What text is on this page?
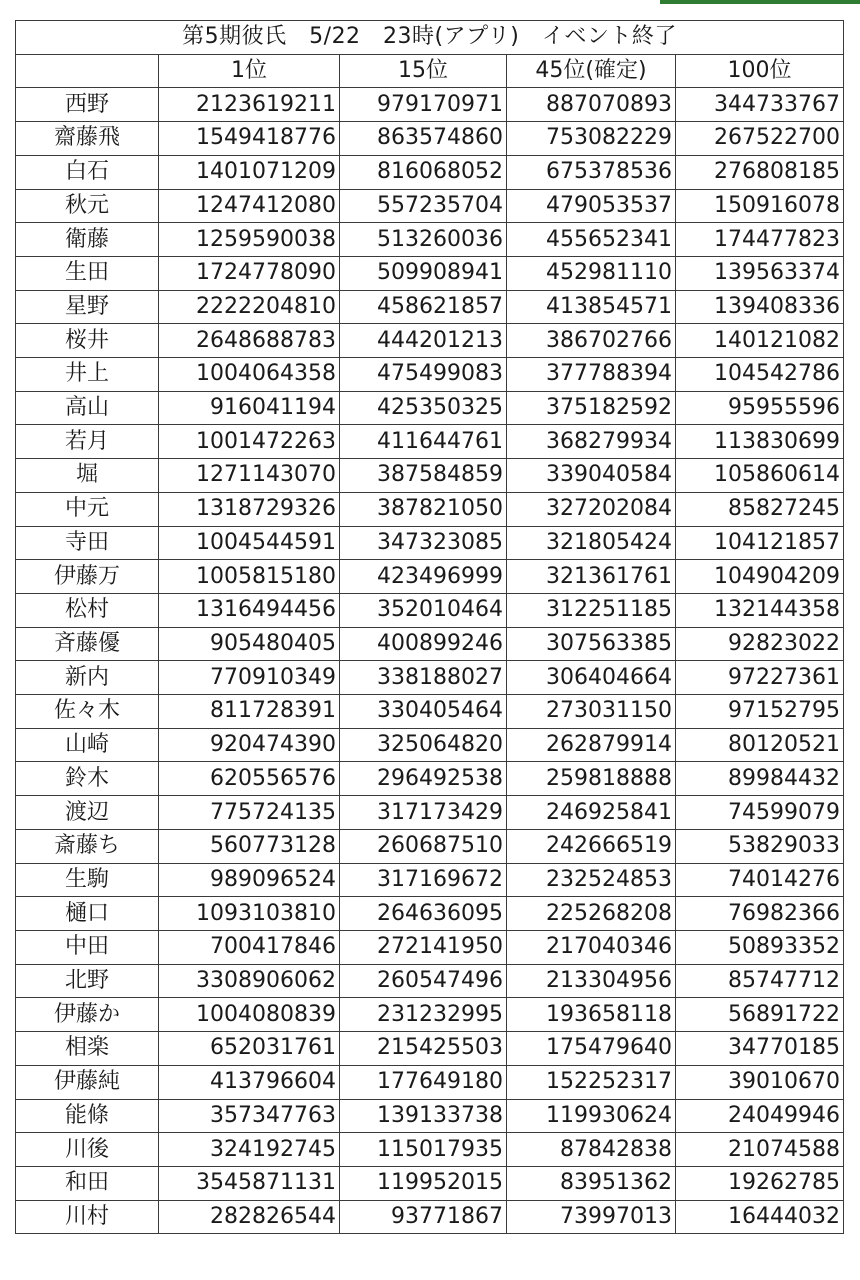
第5期彼氏　5/22　23時(アプリ)　イベント終了				
	1位	15位	45位(確定)	100位
西野	2123619211	979170971	887070893	344733767
齋藤飛	1549418776	863574860	753082229	267522700
白石	1401071209	816068052	675378536	276808185
秋元	1247412080	557235704	479053537	150916078
衛藤	1259590038	513260036	455652341	174477823
生田	1724778090	509908941	452981110	139563374
星野	2222204810	458621857	413854571	139408336
桜井	2648688783	444201213	386702766	140121082
井上	1004064358	475499083	377788394	104542786
高山	916041194	425350325	375182592	95955596
若月	1001472263	411644761	368279934	113830699
堀	1271143070	387584859	339040584	105860614
中元	1318729326	387821050	327202084	85827245
寺田	1004544591	347323085	321805424	104121857
伊藤万	1005815180	423496999	321361761	104904209
松村	1316494456	352010464	312251185	132144358
斉藤優	905480405	400899246	307563385	92823022
新内	770910349	338188027	306404664	97227361
佐々木	811728391	330405464	273031150	97152795
山崎	920474390	325064820	262879914	80120521
鈴木	620556576	296492538	259818888	89984432
渡辺	775724135	317173429	246925841	74599079
斎藤ち	560773128	260687510	242666519	53829033
生駒	989096524	317169672	232524853	74014276
樋口	1093103810	264636095	225268208	76982366
中田	700417846	272141950	217040346	50893352
北野	3308906062	260547496	213304956	85747712
伊藤か	1004080839	231232995	193658118	56891722
相楽	652031761	215425503	175479640	34770185
伊藤純	413796604	177649180	152252317	39010670
能條	357347763	139133738	119930624	24049946
川後	324192745	115017935	87842838	21074588
和田	3545871131	119952015	83951362	19262785
川村	282826544	93771867	73997013	16444032
